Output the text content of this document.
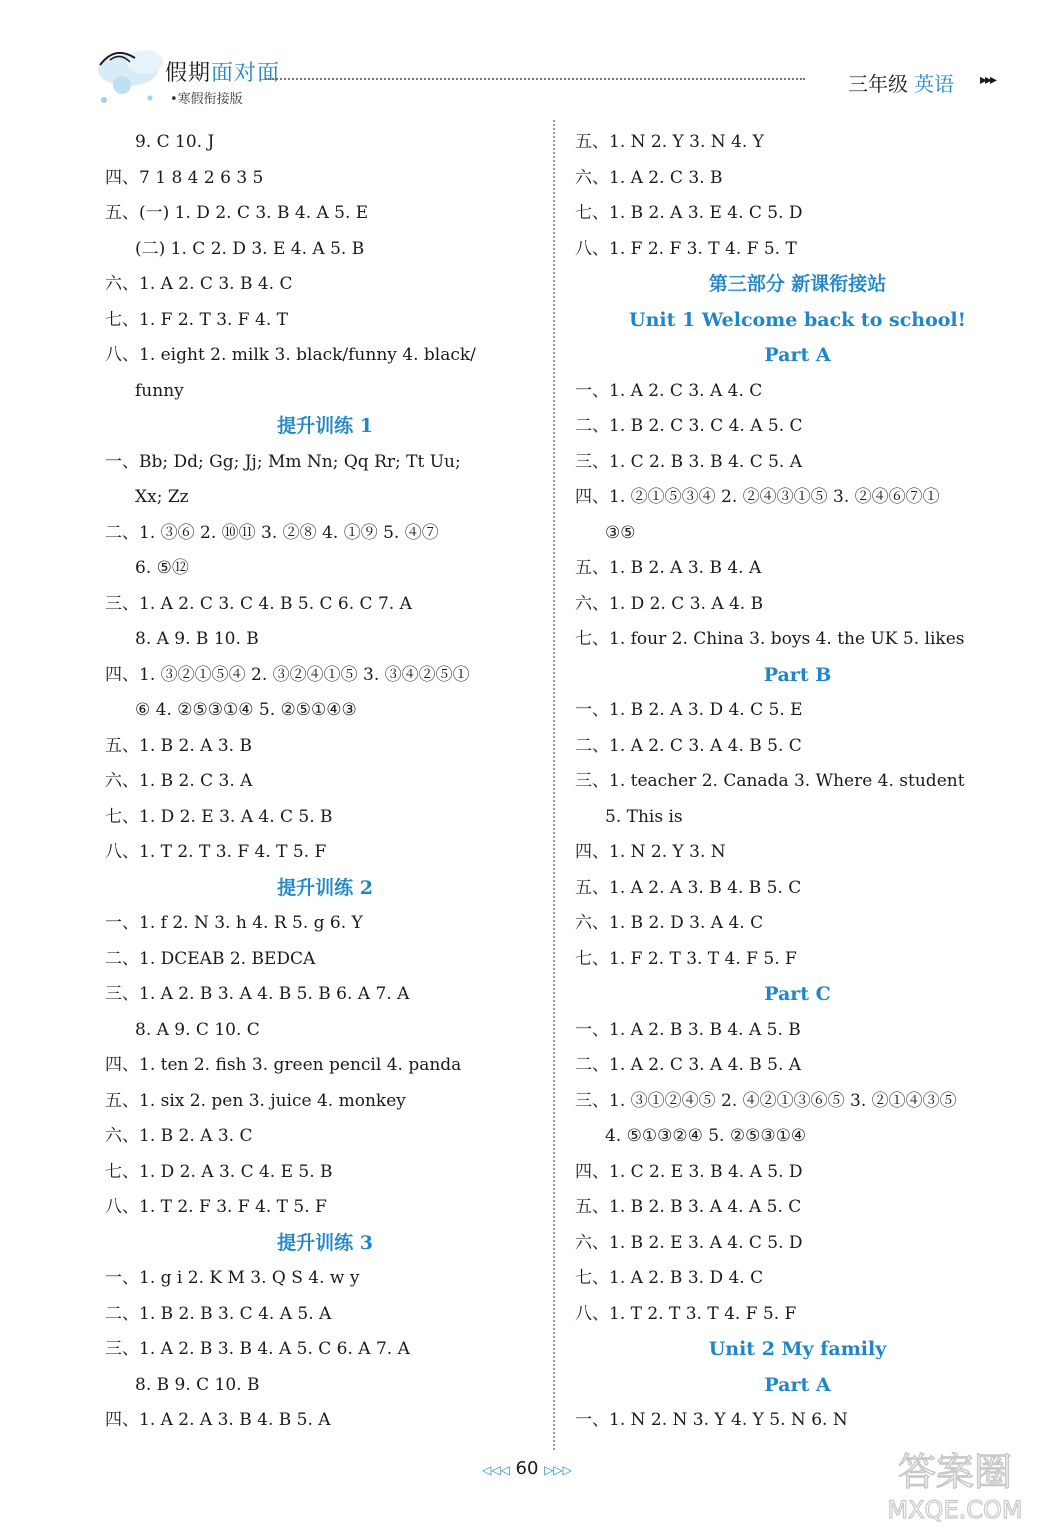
假期面对面
•寒假衔接版
三年级 英语 ▸▸▸
9. C 10. J
四、7 1 8 4 2 6 3 5
五、(一) 1. D 2. C 3. B 4. A 5. E
(二) 1. C 2. D 3. E 4. A 5. B
六、1. A 2. C 3. B 4. C
七、1. F 2. T 3. F 4. T
八、1. eight 2. milk 3. black/funny 4. black/
funny
提升训练 1
一、Bb; Dd; Gg; Jj; Mm Nn; Qq Rr; Tt Uu;
Xx; Zz
二、1. ③⑥ 2. ⑩⑪ 3. ②⑧ 4. ①⑨ 5. ④⑦
6. ⑤⑫
三、1. A 2. C 3. C 4. B 5. C 6. C 7. A
8. A 9. B 10. B
四、1. ③②①⑤④ 2. ③②④①⑤ 3. ③④②⑤①
⑥ 4. ②⑤③①④ 5. ②⑤①④③
五、1. B 2. A 3. B
六、1. B 2. C 3. A
七、1. D 2. E 3. A 4. C 5. B
八、1. T 2. T 3. F 4. T 5. F
提升训练 2
一、1. f 2. N 3. h 4. R 5. g 6. Y
二、1. DCEAB 2. BEDCA
三、1. A 2. B 3. A 4. B 5. B 6. A 7. A
8. A 9. C 10. C
四、1. ten 2. fish 3. green pencil 4. panda
五、1. six 2. pen 3. juice 4. monkey
六、1. B 2. A 3. C
七、1. D 2. A 3. C 4. E 5. B
八、1. T 2. F 3. F 4. T 5. F
提升训练 3
一、1. g i 2. K M 3. Q S 4. w y
二、1. B 2. B 3. C 4. A 5. A
三、1. A 2. B 3. B 4. A 5. C 6. A 7. A
8. B 9. C 10. B
四、1. A 2. A 3. B 4. B 5. A
五、1. N 2. Y 3. N 4. Y
六、1. A 2. C 3. B
七、1. B 2. A 3. E 4. C 5. D
八、1. F 2. F 3. T 4. F 5. T
第三部分 新课衔接站
Unit 1 Welcome back to school!
Part A
一、1. A 2. C 3. A 4. C
二、1. B 2. C 3. C 4. A 5. C
三、1. C 2. B 3. B 4. C 5. A
四、1. ②①⑤③④ 2. ②④③①⑤ 3. ②④⑥⑦①
③⑤
五、1. B 2. A 3. B 4. A
六、1. D 2. C 3. A 4. B
七、1. four 2. China 3. boys 4. the UK 5. likes
Part B
一、1. B 2. A 3. D 4. C 5. E
二、1. A 2. C 3. A 4. B 5. C
三、1. teacher 2. Canada 3. Where 4. student
5. This is
四、1. N 2. Y 3. N
五、1. A 2. A 3. B 4. B 5. C
六、1. B 2. D 3. A 4. C
七、1. F 2. T 3. T 4. F 5. F
Part C
一、1. A 2. B 3. B 4. A 5. B
二、1. A 2. C 3. A 4. B 5. A
三、1. ③①②④⑤ 2. ④②①③⑥⑤ 3. ②①④③⑤
4. ⑤①③②④ 5. ②⑤③①④
四、1. C 2. E 3. B 4. A 5. D
五、1. B 2. B 3. A 4. A 5. C
六、1. B 2. E 3. A 4. C 5. D
七、1. A 2. B 3. D 4. C
八、1. T 2. T 3. T 4. F 5. F
Unit 2 My family
Part A
一、1. N 2. N 3. Y 4. Y 5. N 6. N
◁◁◁ 60 ▷▷▷	答案圈
MXQE.COM
